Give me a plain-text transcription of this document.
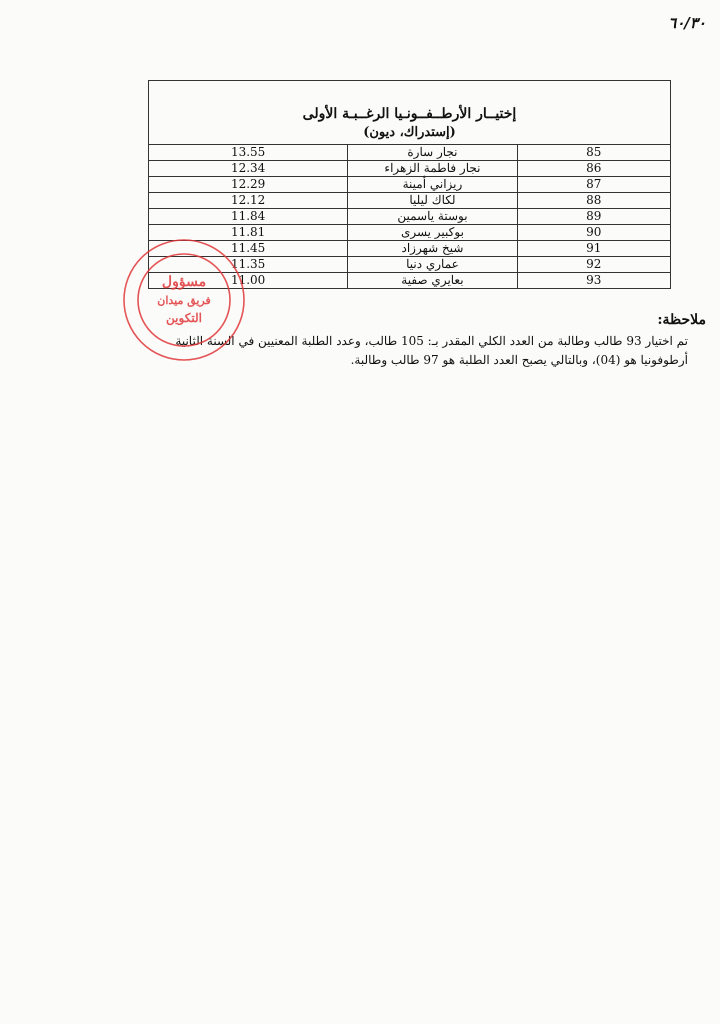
٦٠/٣٠
إختيــار الأرطــفــونـيا الرغــبـة الأولى
(إستدراك، ديون)		

85	نجار سارة	13.55
86	نجار فاطمة الزهراء	12.34
87	ريزاني أمينة	12.29
88	لكاك ليليا	12.12
89	بوستة ياسمين	11.84
90	بوكبير يسرى	11.81
91	شيخ شهرزاد	11.45
92	عماري دنيا	11.35
93	بعايري صفية	11.00

ملاحظة:

تم اختيار 93 طالب وطالبة من العدد الكلي المقدر بـ: 105 طالب، وعدد الطلبة المعنيين في السنة الثانية أرطوفونيا هو (04)، وبالتالي يصبح العدد الطلبة هو 97 طالب وطالبة.

مسؤول
فريق ميدان
التكوين
